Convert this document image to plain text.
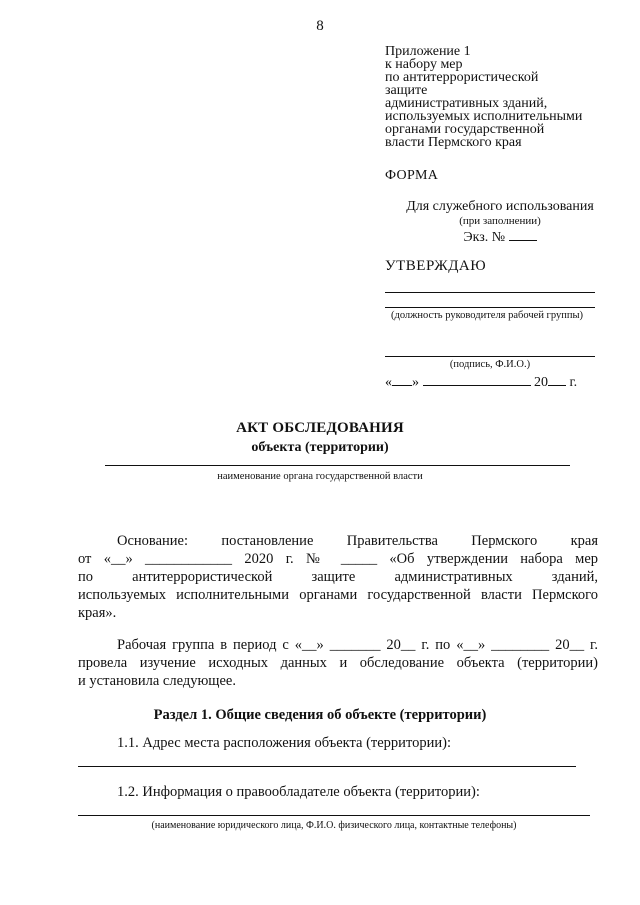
8
Приложение 1
к набору мер
по антитеррористической
защите
административных зданий,
используемых исполнительными
органами государственной
власти Пермского края
ФОРМА
Для служебного использования
(при заполнении)
Экз. №
УТВЕРЖДАЮ
(должность руководителя рабочей группы)
(подпись, Ф.И.О.)
« »	20 г.
АКТ ОБСЛЕДОВАНИЯ
объекта (территории)
наименование органа государственной власти
Основание: постановление Правительства Пермского края
от «__» ____________ 2020 г. № _____ «Об утверждении набора мер
по антитеррористической защите административных зданий,
используемых исполнительными органами государственной власти Пермского
края».
Рабочая группа в период с «__» _______ 20__ г. по «__» ________ 20__ г.
провела изучение исходных данных и обследование объекта (территории)
и установила следующее.
Раздел 1. Общие сведения об объекте (территории)
1.1. Адрес места расположения объекта (территории):
1.2. Информация о правообладателе объекта (территории):
(наименование юридического лица, Ф.И.О. физического лица, контактные телефоны)
